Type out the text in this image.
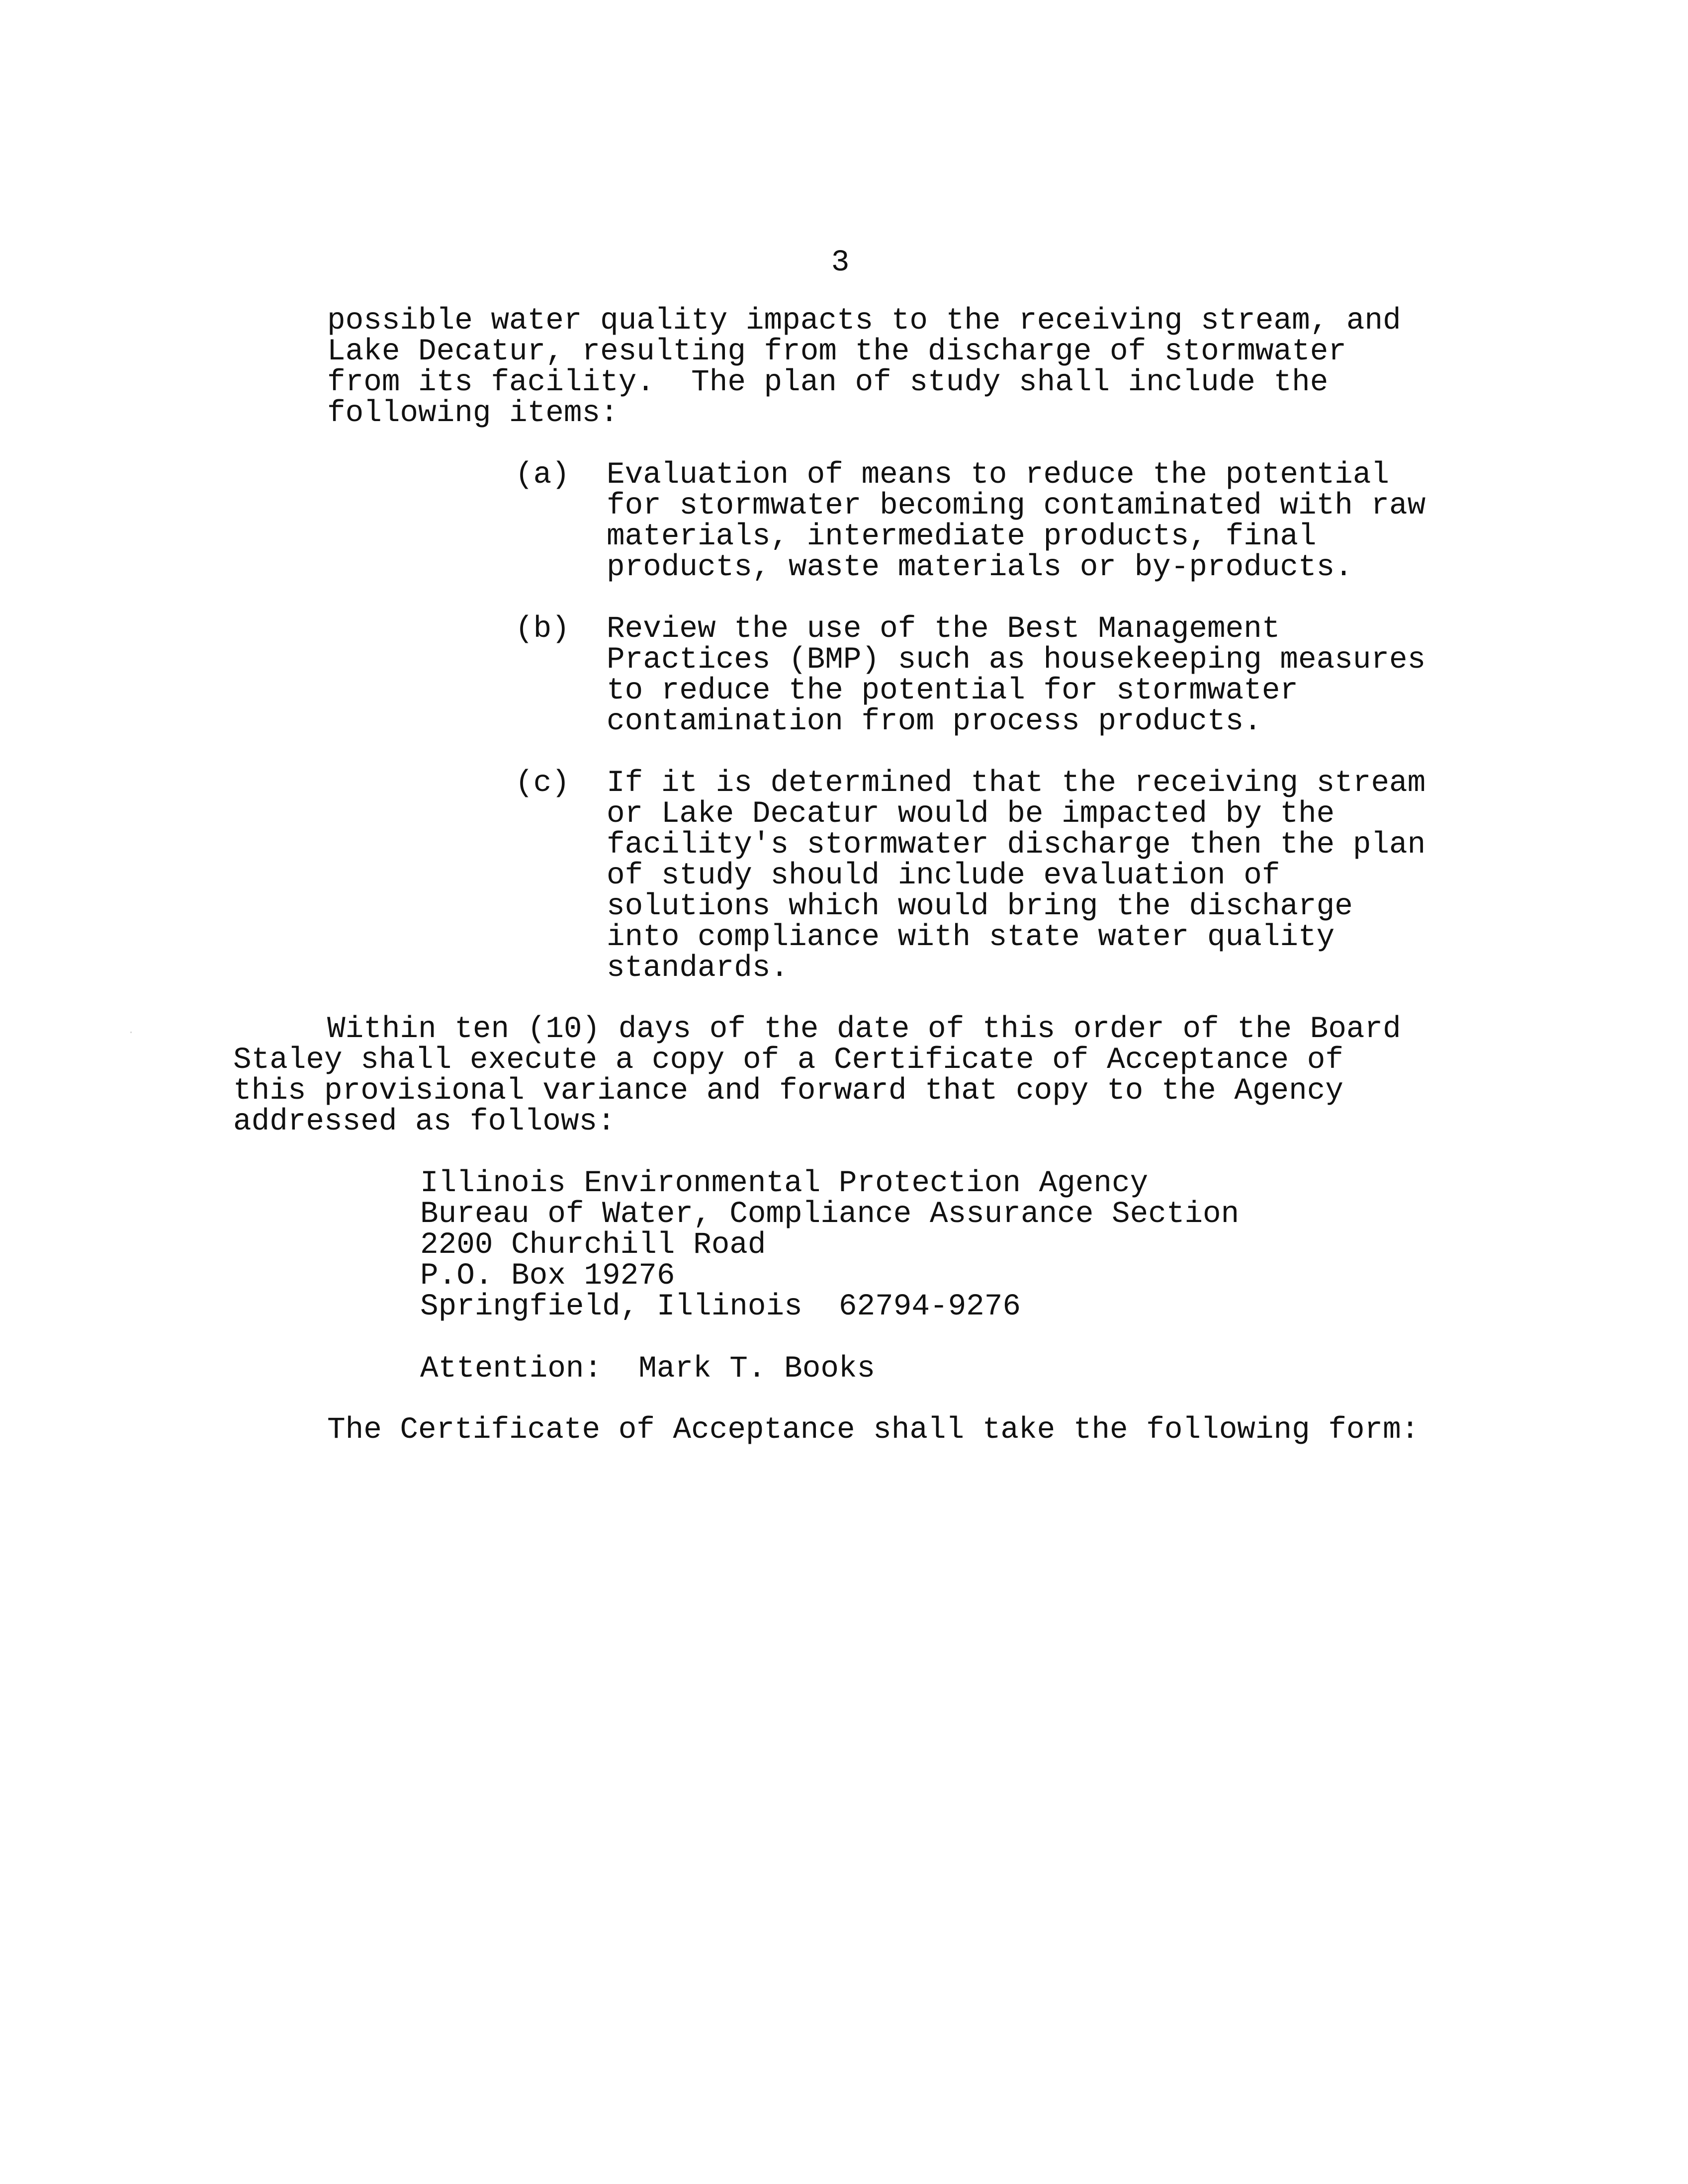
3
possible water quality impacts to the receiving stream, and
Lake Decatur, resulting from the discharge of stormwater
from its facility.  The plan of study shall include the
following items:
(a)	Evaluation of means to reduce the potential
for stormwater becoming contaminated with raw
materials, intermediate products, final
products, waste materials or by-products.
(b)	Review the use of the Best Management
Practices (BMP) such as housekeeping measures
to reduce the potential for stormwater
contamination from process products.
(c)	If it is determined that the receiving stream
or Lake Decatur would be impacted by the
facility's stormwater discharge then the plan
of study should include evaluation of
solutions which would bring the discharge
into compliance with state water quality
standards.
Within ten (10) days of the date of this order of the Board
Staley shall execute a copy of a Certificate of Acceptance of
this provisional variance and forward that copy to the Agency
addressed as follows:
Illinois Environmental Protection Agency
Bureau of Water, Compliance Assurance Section
2200 Churchill Road
P.O. Box 19276
Springfield, Illinois  62794-9276
Attention:  Mark T. Books
The Certificate of Acceptance shall take the following form:
